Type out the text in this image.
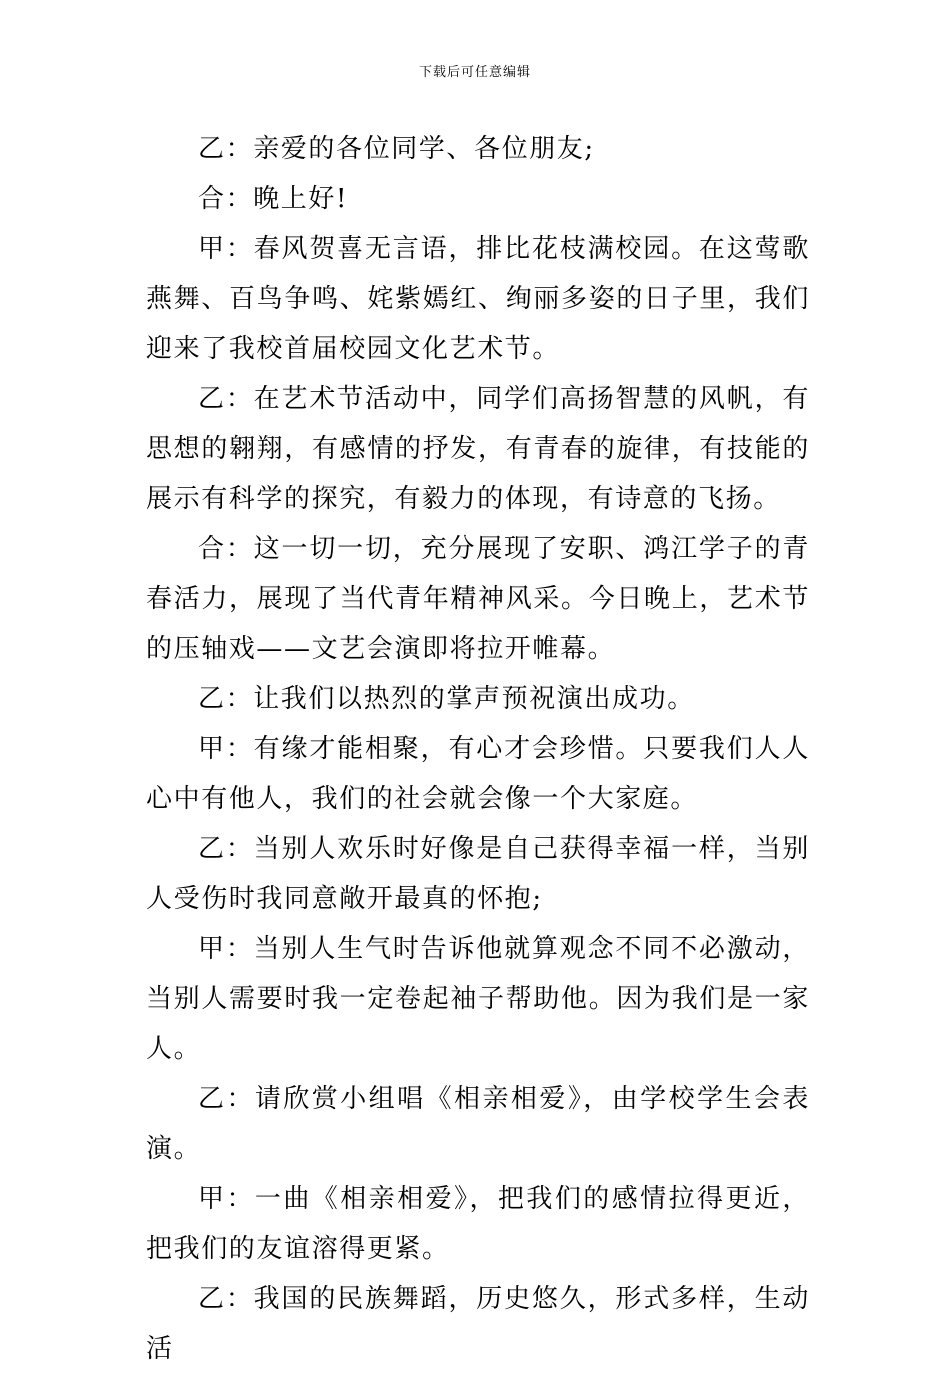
下载后可任意编辑

乙：亲爱的各位同学、各位朋友;

合：晚上好!

甲：春风贺喜无言语，排比花枝满校园。在这莺歌燕舞、百鸟争鸣、姹紫嫣红、绚丽多姿的日子里，我们迎来了我校首届校园文化艺术节。

乙：在艺术节活动中，同学们高扬智慧的风帆，有思想的翱翔，有感情的抒发，有青春的旋律，有技能的展示有科学的探究，有毅力的体现，有诗意的飞扬。

合：这一切一切，充分展现了安职、鸿江学子的青春活力，展现了当代青年精神风采。今日晚上，艺术节的压轴戏——文艺会演即将拉开帷幕。

乙：让我们以热烈的掌声预祝演出成功。

甲：有缘才能相聚，有心才会珍惜。只要我们人人心中有他人，我们的社会就会像一个大家庭。

乙：当别人欢乐时好像是自己获得幸福一样，当别人受伤时我同意敞开最真的怀抱;

甲：当别人生气时告诉他就算观念不同不必激动，当别人需要时我一定卷起袖子帮助他。因为我们是一家人。

乙：请欣赏小组唱《相亲相爱》，由学校学生会表演。

甲：一曲《相亲相爱》，把我们的感情拉得更近，把我们的友谊溶得更紧。

乙：我国的民族舞蹈，历史悠久，形式多样，生动活
